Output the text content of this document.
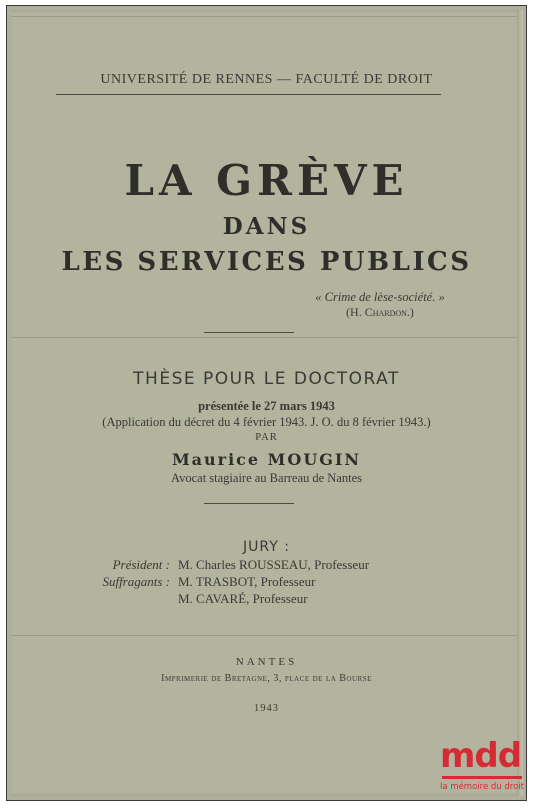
UNIVERSITÉ DE RENNES — FACULTÉ DE DROIT
LA GRÈVE
DANS
LES SERVICES PUBLICS
« Crime de lèse-société. »
(H. Chardon.)
THÈSE POUR LE DOCTORAT
présentée le 27 mars 1943
(Application du décret du 4 février 1943. J. O. du 8 février 1943.)
PAR
Maurice MOUGIN
Avocat stagiaire au Barreau de Nantes
JURY :
Président : M. Charles ROUSSEAU, Professeur
Suffragants : M. TRASBOT, Professeur
M. CAVARÉ, Professeur
NANTES
Imprimerie de Bretagne, 3, place de la Bourse
1943
mdd
la mémoire du droit
